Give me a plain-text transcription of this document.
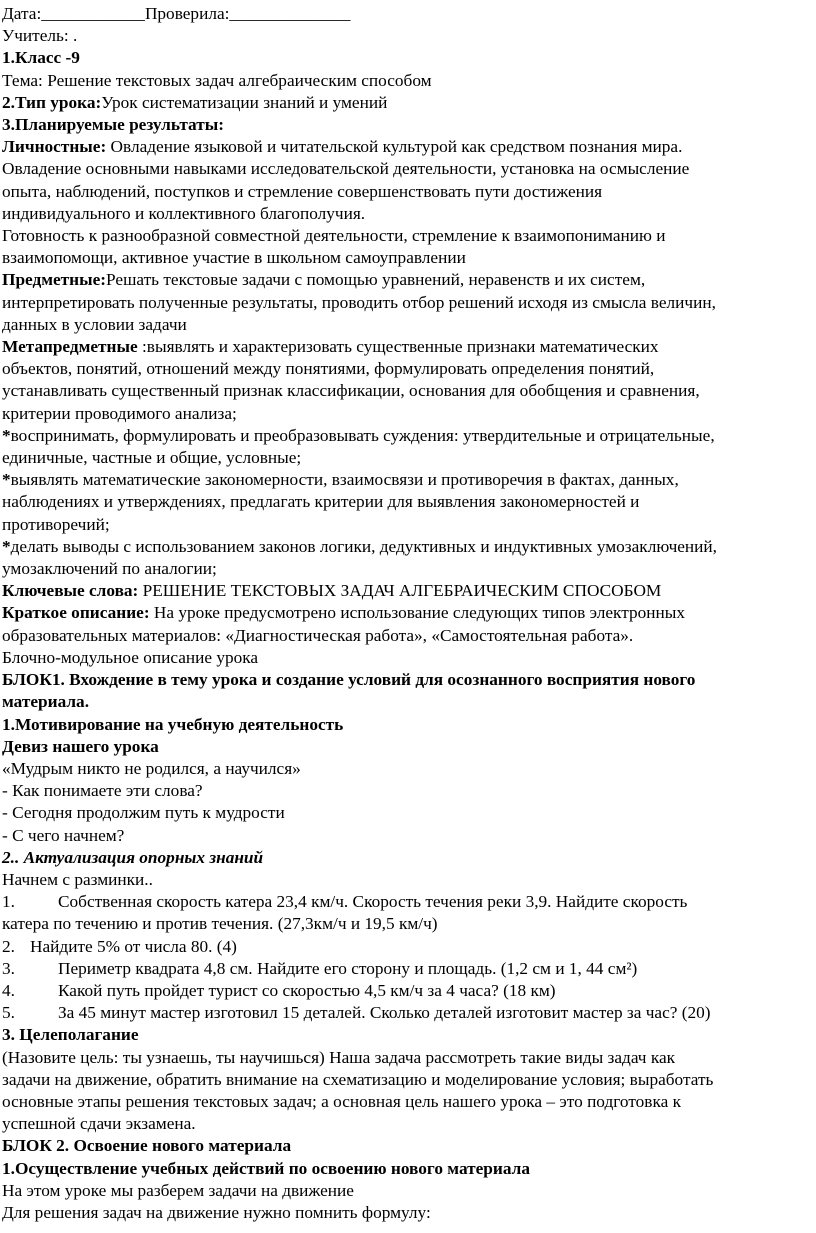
Дата:____________Проверила:______________
Учитель: .
1.Класс -9
Тема: Решение текстовых задач алгебраическим способом
2.Тип урока:Урок систематизации знаний и умений
3.Планируемые результаты:
Личностные: Овладение языковой и читательской культурой как средством познания мира.
Овладение основными навыками исследовательской деятельности, установка на осмысление
опыта, наблюдений, поступков и стремление совершенствовать пути достижения
индивидуального и коллективного благополучия.
Готовность к разнообразной совместной деятельности, стремление к взаимопониманию и
взаимопомощи, активное участие в школьном самоуправлении
Предметные:Решать текстовые задачи с помощью уравнений, неравенств и их систем,
интерпретировать полученные результаты, проводить отбор решений исходя из смысла величин,
данных в условии задачи
Метапредметные :выявлять и характеризовать существенные признаки математических
объектов, понятий, отношений между понятиями, формулировать определения понятий,
устанавливать существенный признак классификации, основания для обобщения и сравнения,
критерии проводимого анализа;
*воспринимать, формулировать и преобразовывать суждения: утвердительные и отрицательные,
единичные, частные и общие, условные;
*выявлять математические закономерности, взаимосвязи и противоречия в фактах, данных,
наблюдениях и утверждениях, предлагать критерии для выявления закономерностей и
противоречий;
*делать выводы с использованием законов логики, дедуктивных и индуктивных умозаключений,
умозаключений по аналогии;
Ключевые слова: РЕШЕНИЕ ТЕКСТОВЫХ ЗАДАЧ АЛГЕБРАИЧЕСКИМ СПОСОБОМ
Краткое описание: На уроке предусмотрено использование следующих типов электронных
образовательных материалов: «Диагностическая работа», «Самостоятельная работа».
Блочно-модульное описание урока
БЛОК1. Вхождение в тему урока и создание условий для осознанного восприятия нового
материала.
1.Мотивирование на учебную деятельность
Девиз нашего урока
«Мудрым никто не родился, а научился»
- Как понимаете эти слова?
- Сегодня продолжим путь к мудрости
- С чего начнем?
2.. Актуализация опорных знаний
Начнем с разминки..
1.	Собственная скорость катера 23,4 км/ч. Скорость течения реки 3,9. Найдите скорость
катера по течению и против течения. (27,3км/ч и 19,5 км/ч)
2. Найдите 5% от числа 80. (4)
3.	Периметр квадрата 4,8 см. Найдите его сторону и площадь. (1,2 см и 1, 44 см²)
4.	Какой путь пройдет турист со скоростью 4,5 км/ч за 4 часа? (18 км)
5.	За 45 минут мастер изготовил 15 деталей. Сколько деталей изготовит мастер за час? (20)
3. Целеполагание
(Назовите цель: ты узнаешь, ты научишься) Наша задача рассмотреть такие виды задач как
задачи на движение, обратить внимание на схематизацию и моделирование условия; выработать
основные этапы решения текстовых задач; а основная цель нашего урока – это подготовка к
успешной сдачи экзамена.
БЛОК 2. Освоение нового материала
1.Осуществление учебных действий по освоению нового материала
На этом уроке мы разберем задачи на движение
Для решения задач на движение нужно помнить формулу:
